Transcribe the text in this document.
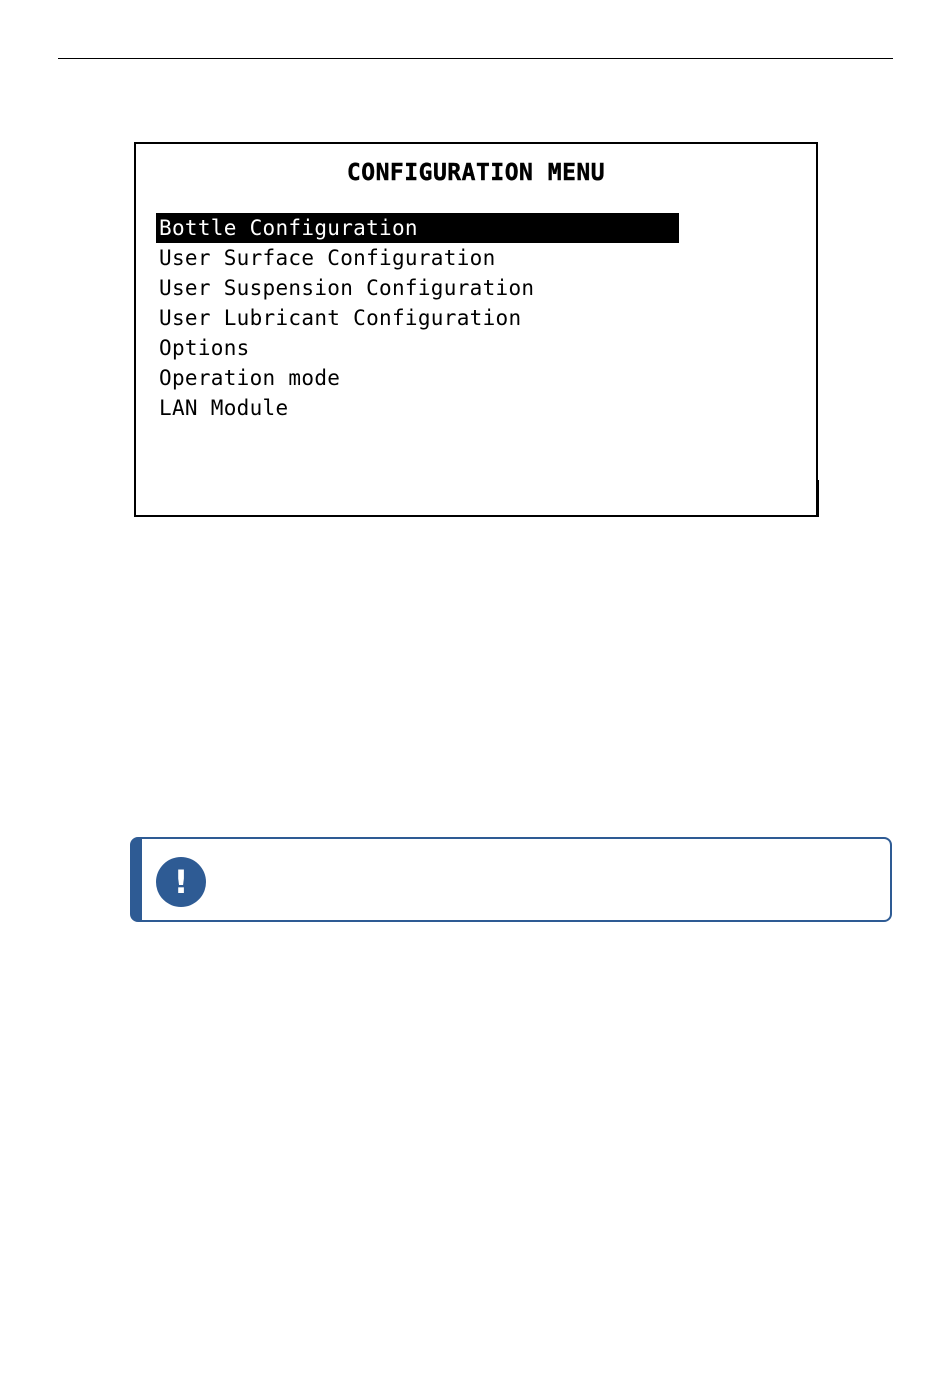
CONFIGURATION MENU
Bottle Configuration
User Surface Configuration
User Suspension Configuration
User Lubricant Configuration
Options
Operation mode
LAN Module
!
